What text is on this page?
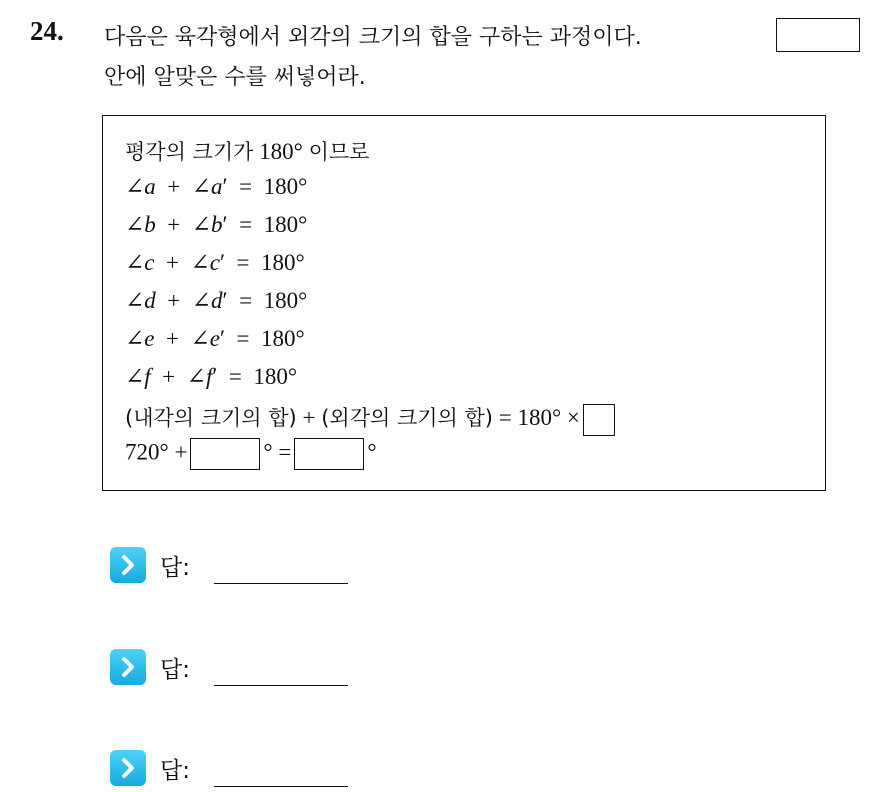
24. 다음은 육각형에서 외각의 크기의 합을 구하는 과정이다.
안에 알맞은 수를 써넣어라.
평각의 크기가 180° 이므로
∠a  +  ∠a′  =  180°
∠b  +  ∠b′  =  180°
∠c  +  ∠c′  =  180°
∠d  +  ∠d′  =  180°
∠e  +  ∠e′  =  180°
∠f  +  ∠f′  =  180°
(내각의 크기의 합) + (외각의 크기의 합) = 180° ×
720° +	° =	°
답:
답:
답:
